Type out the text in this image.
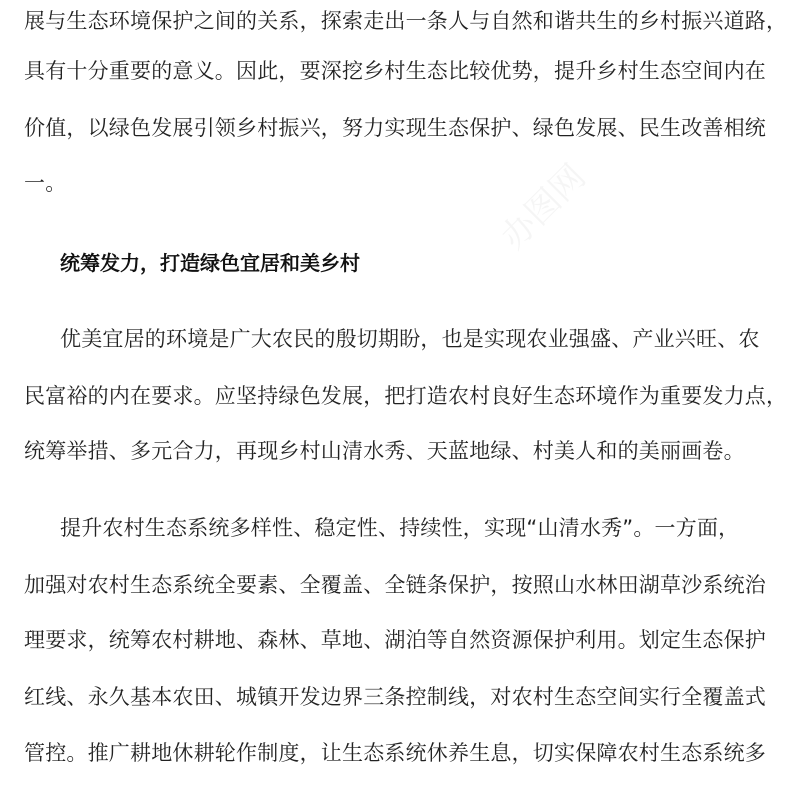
办图网
展与生态环境保护之间的关系，探索走出一条人与自然和谐共生的乡村振兴道路，
具有十分重要的意义。因此，要深挖乡村生态比较优势，提升乡村生态空间内在
价值，以绿色发展引领乡村振兴，努力实现生态保护、绿色发展、民生改善相统
一。
统筹发力，打造绿色宜居和美乡村
优美宜居的环境是广大农民的殷切期盼，也是实现农业强盛、产业兴旺、农
民富裕的内在要求。应坚持绿色发展，把打造农村良好生态环境作为重要发力点，
统筹举措、多元合力，再现乡村山清水秀、天蓝地绿、村美人和的美丽画卷。
提升农村生态系统多样性、稳定性、持续性，实现“山清水秀”。一方面，
加强对农村生态系统全要素、全覆盖、全链条保护，按照山水林田湖草沙系统治
理要求，统筹农村耕地、森林、草地、湖泊等自然资源保护利用。划定生态保护
红线、永久基本农田、城镇开发边界三条控制线，对农村生态空间实行全覆盖式
管控。推广耕地休耕轮作制度，让生态系统休养生息，切实保障农村生态系统多
